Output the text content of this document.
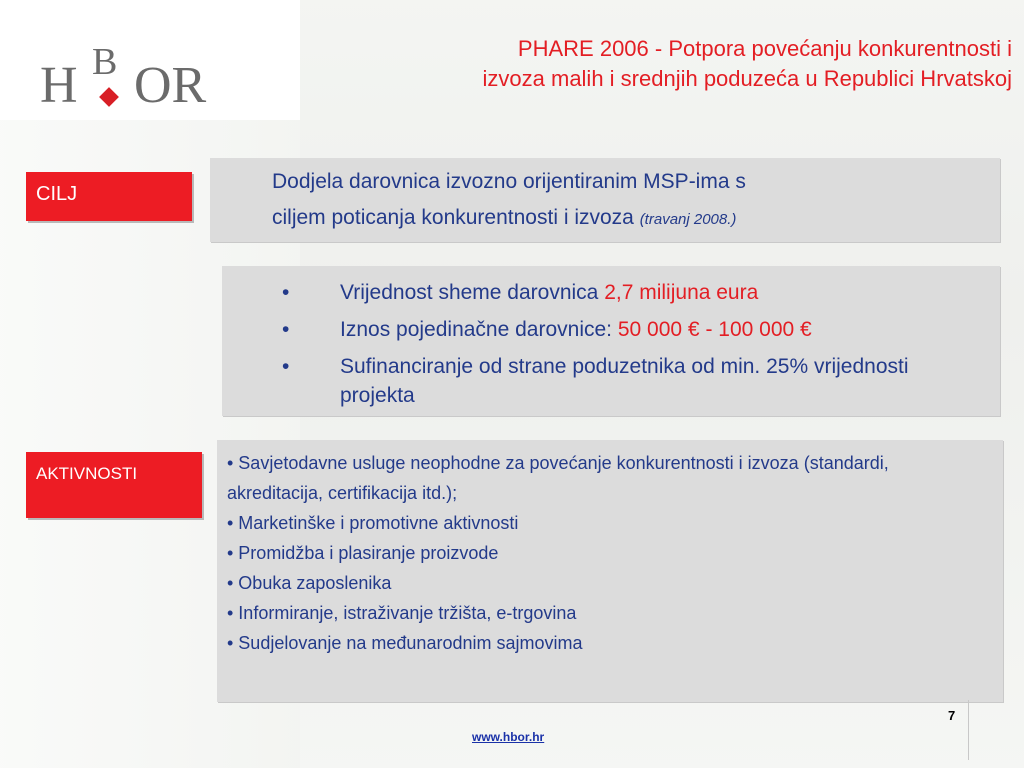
H B OR
PHARE 2006 - Potpora povećanju konkurentnosti i
izvoza malih i srednjih poduzeća u Republici Hrvatskoj
CILJ
Dodjela darovnica izvozno orijentiranim MSP-ima s
ciljem poticanja konkurentnosti i izvoza (travanj 2008.)
• Vrijednost sheme darovnica 2,7 milijuna eura
• Iznos pojedinačne darovnice: 50 000 € - 100 000 €
• Sufinanciranje od strane poduzetnika od min. 25% vrijednosti projekta
AKTIVNOSTI
• Savjetodavne usluge neophodne za povećanje konkurentnosti i izvoza (standardi, akreditacija, certifikacija itd.);
• Marketinške i promotivne aktivnosti
• Promidžba i plasiranje proizvode
• Obuka zaposlenika
• Informiranje, istraživanje tržišta, e-trgovina
• Sudjelovanje na međunarodnim sajmovima
7
www.hbor.hr
